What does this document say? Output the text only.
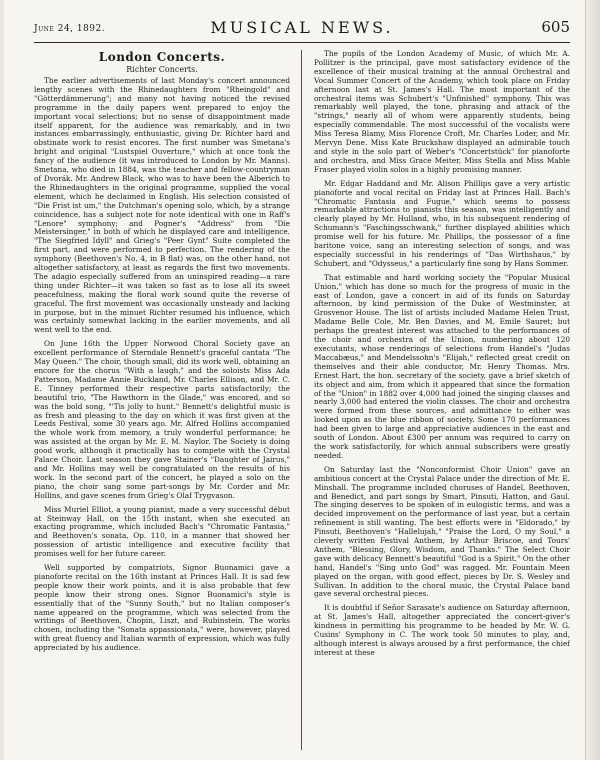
June 24, 1892.	MUSICAL NEWS.	605
London Concerts.
Richter Concerts.

The earlier advertisements of last Monday's concert announced lengthy scenes with the Rhinedaughters from "Rheingold" and "Götterdämmerung"; and many not having noticed the revised programme in the daily papers went prepared to enjoy the important vocal selections; but no sense of disappointment made itself apparent, for the audience was remarkably, and in two instances embarrassingly, enthusiastic, giving Dr. Richter hard and obstinate work to resist encores. The first number was Smetana's bright and original "Lustspiel Ouverture," which at once took the fancy of the audience (it was introduced to London by Mr. Manns). Smetana, who died in 1884, was the teacher and fellow-countryman of Dvorák. Mr. Andrew Black, who was to have been the Alberich to the Rhinedaughters in the original programme, supplied the vocal element, which he declaimed in English. His selection consisted of "Die Frist ist um," the Dutchman's opening solo, which, by a strange coincidence, has a subject note for note identical with one in Raff's "Lenore" symphony; and Pogner's "Address" from "Die Meistersinger," in both of which he displayed care and intelligence. "The Siegfried Idyll" and Grieg's "Peer Gynt" Suite completed the first part, and were performed to perfection. The rendering of the symphony (Beethoven's No. 4, in B flat) was, on the other hand, not altogether satisfactory, at least as regards the first two movements. The adagio especially suffered from an uninspired reading—a rare thing under Richter—it was taken so fast as to lose all its sweet peacefulness, making the floral work sound quite the reverse of graceful. The first movement was occasionally unsteady and lacking in purpose, but in the minuet Richter resumed his influence, which was certainly somewhat lacking in the earlier movements, and all went well to the end.

On June 16th the Upper Norwood Choral Society gave an excellent performance of Sterndale Bennett's graceful cantata "The May Queen." The choir, though small, did its work well, obtaining an encore for the chorus "With a laugh," and the soloists Miss Ada Patterson, Madame Annie Buckland, Mr. Charles Ellison, and Mr. C. E. Tinney performed their respective parts satisfactorily; the beautiful trio, "The Hawthorn in the Glade," was encored, and so was the bold song, "'Tis jolly to hunt." Bennett's delightful music is as fresh and pleasing to the day on which it was first given at the Leeds Festival, some 30 years ago. Mr. Alfred Hollins accompanied the whole work from memory, a truly wonderful performance; he was assisted at the organ by Mr. E. M. Naylor. The Society is doing good work, although it practically has to compete with the Crystal Palace Choir. Last season they gave Stainer's "Daughter of Jairus," and Mr. Hollins may well be congratulated on the results of his work. In the second part of the concert, he played a solo on the piano, the choir sang some part-songs by Mr. Corder and Mr. Hollins, and gave scenes from Grieg's Olaf Trygvason.

Miss Muriel Elliot, a young pianist, made a very successful début at Steinway Hall, on the 15th instant, when she executed an exacting programme, which included Bach's "Chromatic Fantasia," and Beethoven's sonata, Op. 110, in a manner that showed her possession of artistic intelligence and executive facility that promises well for her future career.

Well supported by compatriots, Signor Buonamici gave a pianoforte recital on the 16th instant at Princes Hall. It is sad few people know their work points, and it is also probable that few people know their strong ones. Signor Buonamici's style is essentially that of the "Sunny South," but no Italian composer's name appeared on the programme, which was selected from the writings of Beethoven, Chopin, Liszt, and Rubinstein. The works chosen, including the "Sonata appassionata," were, however, played with great fluency and Italian warmth of expression, which was fully appreciated by his audience.

The pupils of the London Academy of Music, of which Mr. A. Pollitzer is the principal, gave most satisfactory evidence of the excellence of their musical training at the annual Orchestral and Vocal Summer Concert of the Academy, which took place on Friday afternoon last at St. James's Hall. The most important of the orchestral items was Schubert's "Unfinished" symphony. This was remarkably well played, the tone, phrasing and attack of the "strings," nearly all of whom were apparently students, being especially commendable. The most successful of the vocalists were Miss Teresa Blamy, Miss Florence Croft, Mr. Charles Loder, and Mr. Mervyn Dene. Miss Kate Bruckshaw displayed an admirable touch and style in the solo part of Weber's "Concertstück" for pianoforte and orchestra, and Miss Grace Meiter, Miss Stella and Miss Mable Fraser played violin solos in a highly promising manner.

Mr. Edgar Haddand and Mr. Alison Phillips gave a very artistic pianoforte and vocal recital on Friday last at Princes Hall. Bach's "Chromatic Fantasia and Fugue," which seems to possess remarkable attractions to pianists this season, was intelligently and clearly played by Mr. Hulland, who, in his subsequent rendering of Schumann's "Faschingsschwank," further displayed abilities which promise well for his future. Mr. Phillips, the possessor of a fine baritone voice, sang an interesting selection of songs, and was especially successful in his renderings of "Das Wirthshaus," by Schubert, and "Odysseus," a particularly fine song by Hans Sommer.

That estimable and hard working society the "Popular Musical Union," which has done so much for the progress of music in the east of London, gave a concert in aid of its funds on Saturday afternoon, by kind permission of the Duke of Westminster, at Grosvenor House. The list of artists included Madame Helen Trust, Madame Belle Cole, Mr. Ben Davies, and M. Emile Sauret; but perhaps the greatest interest was attached to the performances of the choir and orchestra of the Union, numbering about 120 executants, whose renderings of selections from Handel's "Judas Maccabæus," and Mendelssohn's "Elijah," reflected great credit on themselves and their able conductor, Mr. Henry Thomas. Mrs. Ernest Hart, the hon. secretary of the society, gave a brief sketch of its object and aim, from which it appeared that since the formation of the "Union" in 1882 over 4,000 had joined the singing classes and nearly 3,000 had entered the violin classes. The choir and orchestra were formed from these sources, and admittance to either was looked upon as the blue ribbon of society. Some 170 performances had been given to large and appreciative audiences in the east and south of London. About £300 per annum was required to carry on the work satisfactorily, for which annual subscribers were greatly needed.

On Saturday last the "Nonconformist Choir Union" gave an ambitious concert at the Crystal Palace under the direction of Mr. E. Minshall. The programme included choruses of Handel, Beethoven, and Benedict, and part songs by Smart, Pinsuti, Hatton, and Gaul. The singing deserves to be spoken of in eulogistic terms, and was a decided improvement on the performance of last year, but a certain refinement is still wanting. The best efforts were in "Eldorado," by Pinsuti, Beethoven's "Hallelujah," "Praise the Lord, O my Soul," a cleverly written Festival Anthem, by Arthur Briscoe, and Tours' Anthem, "Blessing, Glory, Wisdom, and Thanks." The Select Choir gave with delicacy Bennett's beautiful "God is a Spirit." On the other hand, Handel's "Sing unto God" was ragged. Mr. Fountain Meen played on the organ, with good effect, pieces by Dr. S. Wesley and Sullivan. In addition to the choral music, the Crystal Palace band gave several orchestral pieces.

It is doubtful if Señor Sarasate's audience on Saturday afternoon, at St. James's Hall, altogether appreciated the concert-giver's kindness in permitting his programme to be headed by Mr. W. G. Cusins' Symphony in C. The work took 50 minutes to play, and, although interest is always aroused by a first performance, the chief interest at these
